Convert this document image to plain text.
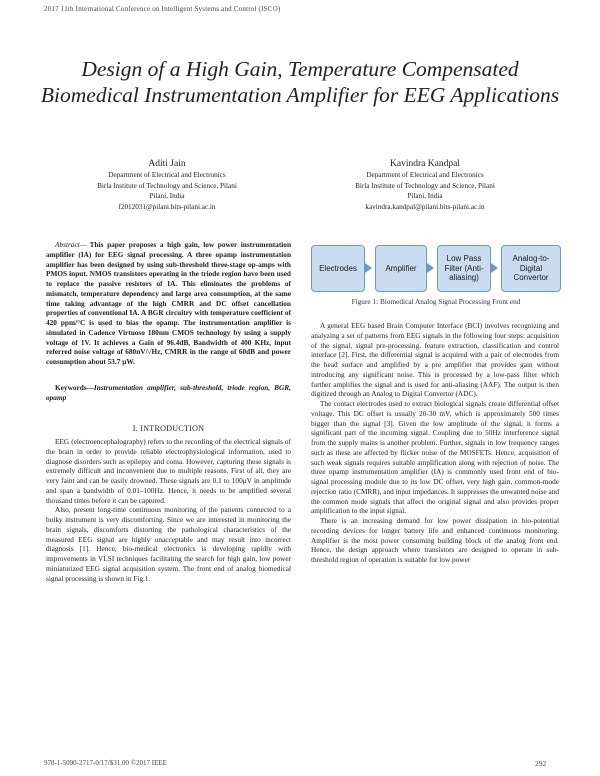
2017 11th International Conference on Intelligent Systems and Control (ISCO)
Design of a High Gain, Temperature Compensated Biomedical Instrumentation Amplifier for EEG Applications
Aditi Jain
Department of Electrical and Electronics
Birla Institute of Technology and Science, Pilani
Pilani, India
f2012031@pilani.bits-pilani.ac.in
Kavindra Kandpal
Department of Electrical and Electronics
Birla Institute of Technology and Science, Pilani
Pilani, India
kavindra.kandpal@pilani.bits-pilani.ac.in

Abstract— This paper proposes a high gain, low power instrumentation amplifier (IA) for EEG signal processing. A three opamp instrumentation amplifier has been designed by using sub-threshold three-stage op-amps with PMOS input. NMOS transistors operating in the triode region have been used to replace the passive resistors of IA. This eliminates the problems of mismatch, temperature dependency and large area consumption, at the same time taking advantage of the high CMRR and DC offset cancellation properties of conventional IA. A BGR circuitry with temperature coefficient of 420 ppm/°C is used to bias the opamp. The instrumentation amplifier is simulated in Cadence Virtuoso 180nm CMOS technology by using a supply voltage of 1V. It achieves a Gain of 96.4dB, Bandwidth of 400 KHz, input referred noise voltage of 680nV/√Hz, CMRR in the range of 60dB and power consumption about 53.7 μW.

Keywords—Instrumentation amplifier, sub-threshold, triode region, BGR, opamp

I. INTRODUCTION

EEG (electroencephalography) refers to the recording of the electrical signals of the brain in order to provide reliable electrophysiological information, used to diagnose disorders such as epilepsy and coma. However, capturing these signals is extremely difficult and inconvenient due to multiple reasons. First of all, they are very faint and can be easily drowned. These signals are 0.1 to 100μV in amplitude and span a bandwidth of 0.01–100Hz. Hence, it needs to be amplified several thousand times before it can be captured.

Also, present long-time continuous monitoring of the patients connected to a bulky instrument is very discomforting. Since we are interested in monitoring the brain signals, discomforts distorting the pathological characteristics of the measured EEG signal are highly unacceptable and may result into incorrect diagnosis [1]. Hence, bio-medical electronics is developing rapidly with improvements in VLSI techniques facilitating the search for high gain, low power miniaturized EEG signal acquisition system. The front end of analog biomedical signal processing is shown in Fig.1.

Electrodes	Amplifier
Low Pass Filter (Anti-aliasing)
Analog-to-Digital Convertor
Figure 1: Biomedical Analog Signal Processing Front end

A general EEG based Brain Computer Interface (BCI) involves recognizing and analyzing a set of patterns from EEG signals in the following four steps: acquisition of the signal, signal pre-processing, feature extraction, classification and control interface [2]. First, the differential signal is acquired with a pair of electrodes from the head surface and amplified by a pre amplifier that provides gain without introducing any significant noise. This is processed by a low-pass filter which further amplifies the signal and is used for anti-aliasing (AAF). The output is then digitized through an Analog to Digital Convertor (ADC).

The contact electrodes used to extract biological signals create differential offset voltage. This DC offset is usually 20-30 mV, which is approximately 500 times bigger than the signal [3]. Given the low amplitude of the signal, it forms a significant part of the incoming signal. Coupling due to 50Hz interference signal from the supply mains is another problem. Further, signals in low frequency ranges such as these are affected by flicker noise of the MOSFETs. Hence, acquisition of such weak signals requires suitable amplification along with rejection of noise. The three opamp instrumentation amplifier (IA) is commonly used front end of bio-signal processing module due to its low DC offset, very high gain, common-mode rejection ratio (CMRR), and input impedances. It suppresses the unwanted noise and the common mode signals that affect the original signal and also provides proper amplification to the input signal.

There is an increasing demand for low power dissipation in bio-potential recording devices for longer battery life and enhanced continuous monitoring. Amplifier is the most power consuming building block of the analog front end. Hence, the design approach where transistors are designed to operate in sub-threshold region of operation is suitable for low power

978-1-5090-2717-0/17/$31.00 ©2017 IEEE	292
